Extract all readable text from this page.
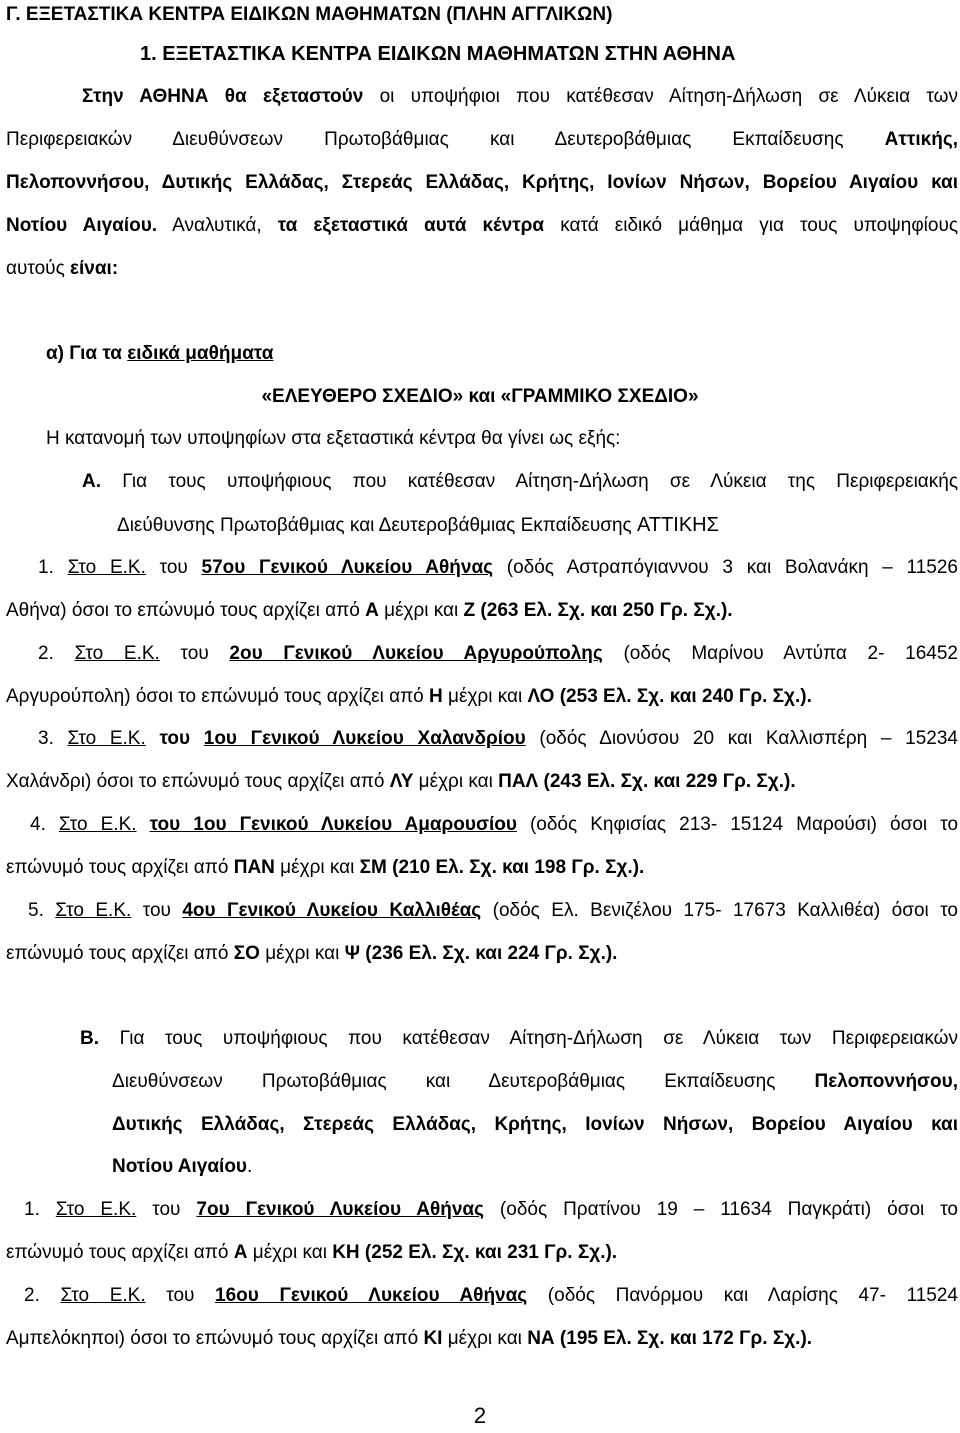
Γ. ΕΞΕΤΑΣΤΙΚΑ ΚΕΝΤΡΑ ΕΙΔΙΚΩΝ ΜΑΘΗΜΑΤΩΝ (ΠΛΗΝ ΑΓΓΛΙΚΩΝ)

1. ΕΞΕΤΑΣΤΙΚΑ ΚΕΝΤΡΑ ΕΙΔΙΚΩΝ ΜΑΘΗΜΑΤΩΝ ΣΤΗΝ ΑΘΗΝΑ

Στην ΑΘΗΝΑ θα εξεταστούν οι υποψήφιοι που κατέθεσαν Αίτηση-Δήλωση σε Λύκεια των

Περιφερειακών Διευθύνσεων Πρωτοβάθμιας και Δευτεροβάθμιας Εκπαίδευσης Αττικής,

Πελοποννήσου, Δυτικής Ελλάδας, Στερεάς Ελλάδας, Κρήτης, Ιονίων Νήσων, Βορείου Αιγαίου και

Νοτίου Αιγαίου. Αναλυτικά, τα εξεταστικά αυτά κέντρα κατά ειδικό μάθημα για τους υποψηφίους

αυτούς είναι:

α) Για τα ειδικά μαθήματα

«ΕΛΕΥΘΕΡΟ ΣΧΕΔΙΟ» και «ΓΡΑΜΜΙΚΟ ΣΧΕΔΙΟ»

Η κατανομή των υποψηφίων στα εξεταστικά κέντρα θα γίνει ως εξής:

Α. Για τους υποψήφιους που κατέθεσαν Αίτηση-Δήλωση σε Λύκεια της Περιφερειακής

Διεύθυνσης Πρωτοβάθμιας και Δευτεροβάθμιας Εκπαίδευσης ΑΤΤΙΚΗΣ

1. Στο Ε.Κ. του 57ου Γενικού Λυκείου Αθήνας (οδός Αστραπόγιαννου 3 και Βολανάκη – 11526

Αθήνα) όσοι το επώνυμό τους αρχίζει από Α μέχρι και Ζ (263 Ελ. Σχ. και 250 Γρ. Σχ.).

2. Στο Ε.Κ. του 2ου Γενικού Λυκείου Αργυρούπολης (οδός Μαρίνου Αντύπα 2- 16452

Αργυρούπολη) όσοι το επώνυμό τους αρχίζει από Η μέχρι και ΛΟ (253 Ελ. Σχ. και 240 Γρ. Σχ.).

3. Στο Ε.Κ. του 1ου Γενικού Λυκείου Χαλανδρίου (οδός Διονύσου 20 και Καλλισπέρη – 15234

Χαλάνδρι) όσοι το επώνυμό τους αρχίζει από ΛΥ μέχρι και ΠΑΛ (243 Ελ. Σχ. και 229 Γρ. Σχ.).

4. Στο Ε.Κ. του 1ου Γενικού Λυκείου Αμαρουσίου (οδός Κηφισίας 213- 15124 Μαρούσι) όσοι το

επώνυμό τους αρχίζει από ΠΑΝ μέχρι και ΣΜ (210 Ελ. Σχ. και 198 Γρ. Σχ.).

5. Στο Ε.Κ. του 4ου Γενικού Λυκείου Καλλιθέας (οδός Ελ. Βενιζέλου 175- 17673 Καλλιθέα) όσοι το

επώνυμό τους αρχίζει από ΣΟ μέχρι και Ψ (236 Ελ. Σχ. και 224 Γρ. Σχ.).

Β. Για τους υποψήφιους που κατέθεσαν Αίτηση-Δήλωση σε Λύκεια των Περιφερειακών

Διευθύνσεων Πρωτοβάθμιας και Δευτεροβάθμιας Εκπαίδευσης Πελοποννήσου,

Δυτικής Ελλάδας, Στερεάς Ελλάδας, Κρήτης, Ιονίων Νήσων, Βορείου Αιγαίου και

Νοτίου Αιγαίου.

1. Στο Ε.Κ. του 7ου Γενικού Λυκείου Αθήνας (οδός Πρατίνου 19 – 11634 Παγκράτι) όσοι το

επώνυμό τους αρχίζει από Α μέχρι και ΚΗ (252 Ελ. Σχ. και 231 Γρ. Σχ.).

2. Στο Ε.Κ. του 16ου Γενικού Λυκείου Αθήνας (οδός Πανόρμου και Λαρίσης 47- 11524

Αμπελόκηποι) όσοι το επώνυμό τους αρχίζει από ΚΙ μέχρι και ΝΑ (195 Ελ. Σχ. και 172 Γρ. Σχ.).

2
